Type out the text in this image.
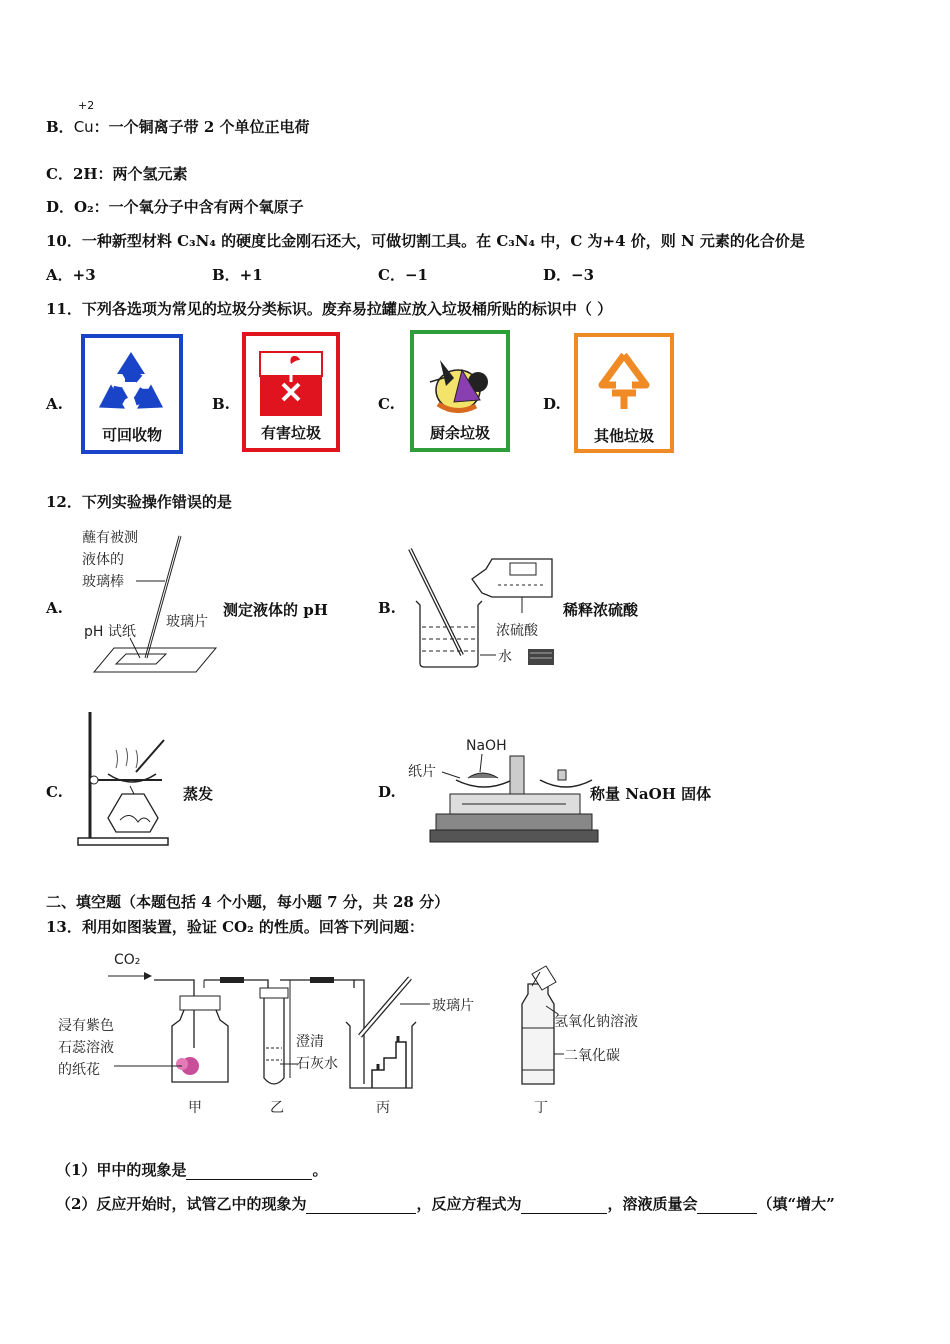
+2
B．Cu：一个铜离子带 2 个单位正电荷
C．2H：两个氢元素
D．O₂：一个氧分子中含有两个氧原子
10．一种新型材料 C₃N₄ 的硬度比金刚石还大，可做切割工具。在 C₃N₄ 中，C 为+4 价，则 N 元素的化合价是
A．+3	B．+1	C．−1	D．−3
11．下列各选项为常见的垃圾分类标识。废弃易拉罐应放入垃圾桶所贴的标识中（ ）
A.
可回收物
B.
有害垃圾
C.
厨余垃圾
D.
其他垃圾
12．下列实验操作错误的是
A.
蘸有被测
液体的
玻璃棒
pH 试纸
玻璃片
测定液体的 pH	B.
浓硫酸
水
稀释浓硫酸
C.	蒸发	D.
NaOH
纸片
称量 NaOH 固体
二、填空题（本题包括 4 个小题，每小题 7 分，共 28 分）
13．利用如图装置，验证 CO₂ 的性质。回答下列问题：
CO₂
浸有紫色
石蕊溶液
的纸花
甲
澄清
石灰水
乙
玻璃片
丙
氢氧化钠溶液
二氧化碳
丁
（1）甲中的现象是	。
（2）反应开始时，试管乙中的现象为	，反应方程式为	，溶液质量会	（填“增大”
